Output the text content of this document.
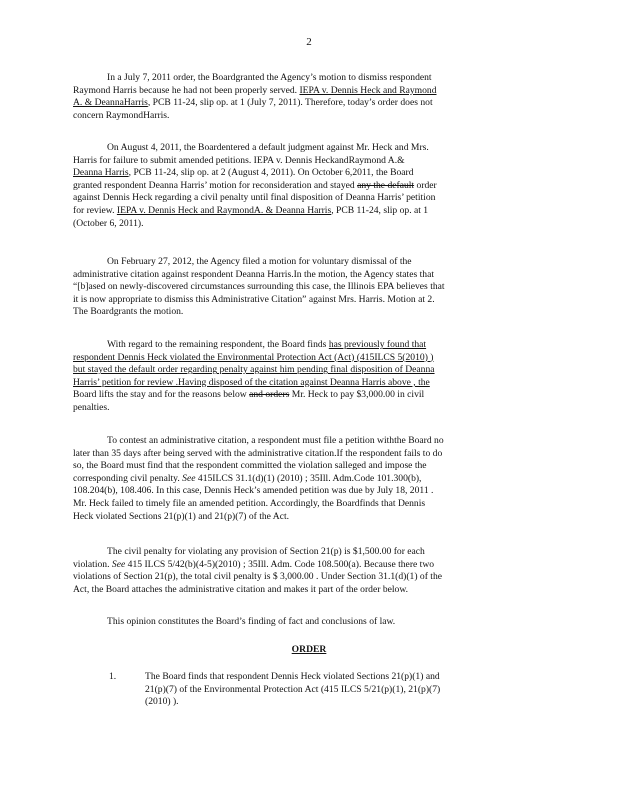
2
In a July 7, 2011 order, the Boardgranted the Agency’s motion to dismiss respondent
Raymond Harris because he had not been properly served. IEPA v. Dennis Heck and Raymond
A. & DeannaHarris, PCB 11-24, slip op. at 1 (July 7, 2011). Therefore, today’s order does not
concern RaymondHarris.
On August 4, 2011, the Boardentered a default judgment against Mr. Heck and Mrs.
Harris for failure to submit amended petitions. IEPA v. Dennis HeckandRaymond A.&
Deanna Harris, PCB 11-24, slip op. at 2 (August 4, 2011). On October 6,2011, the Board
granted respondent Deanna Harris’ motion for reconsideration and stayed any the default order
against Dennis Heck regarding a civil penalty until final disposition of Deanna Harris’ petition
for review. IEPA v. Dennis Heck and RaymondA. & Deanna Harris, PCB 11-24, slip op. at 1
(October 6, 2011).
On February 27, 2012, the Agency filed a motion for voluntary dismissal of the
administrative citation against respondent Deanna Harris.In the motion, the Agency states that
“[b]ased on newly-discovered circumstances surrounding this case, the Illinois EPA believes that
it is now appropriate to dismiss this Administrative Citation” against Mrs. Harris. Motion at 2.
The Boardgrants the motion.
With regard to the remaining respondent, the Board finds has previously found that
respondent Dennis Heck violated the Environmental Protection Act (Act) (415ILCS 5(2010) )
but stayed the default order regarding penalty against him pending final disposition of Deanna
Harris’ petition for review .Having disposed of the citation against Deanna Harris above , the
Board lifts the stay and for the reasons below and orders Mr. Heck to pay $3,000.00 in civil
penalties.
To contest an administrative citation, a respondent must file a petition withthe Board no
later than 35 days after being served with the administrative citation.If the respondent fails to do
so, the Board must find that the respondent committed the violation salleged and impose the
corresponding civil penalty. See 415ILCS 31.1(d)(1) (2010) ; 35Ill. Adm.Code 101.300(b),
108.204(b), 108.406. In this case, Dennis Heck’s amended petition was due by July 18, 2011 .
Mr. Heck failed to timely file an amended petition. Accordingly, the Boardfinds that Dennis
Heck violated Sections 21(p)(1) and 21(p)(7) of the Act.
The civil penalty for violating any provision of Section 21(p) is $1,500.00 for each
violation. See 415 ILCS 5/42(b)(4-5)(2010) ; 35Ill. Adm. Code 108.500(a). Because there two
violations of Section 21(p), the total civil penalty is $ 3,000.00 . Under Section 31.1(d)(1) of the
Act, the Board attaches the administrative citation and makes it part of the order below.
This opinion constitutes the Board’s finding of fact and conclusions of law.
ORDER
1.	The Board finds that respondent Dennis Heck violated Sections 21(p)(1) and
21(p)(7) of the Environmental Protection Act (415 ILCS 5/21(p)(1), 21(p)(7)
(2010) ).
